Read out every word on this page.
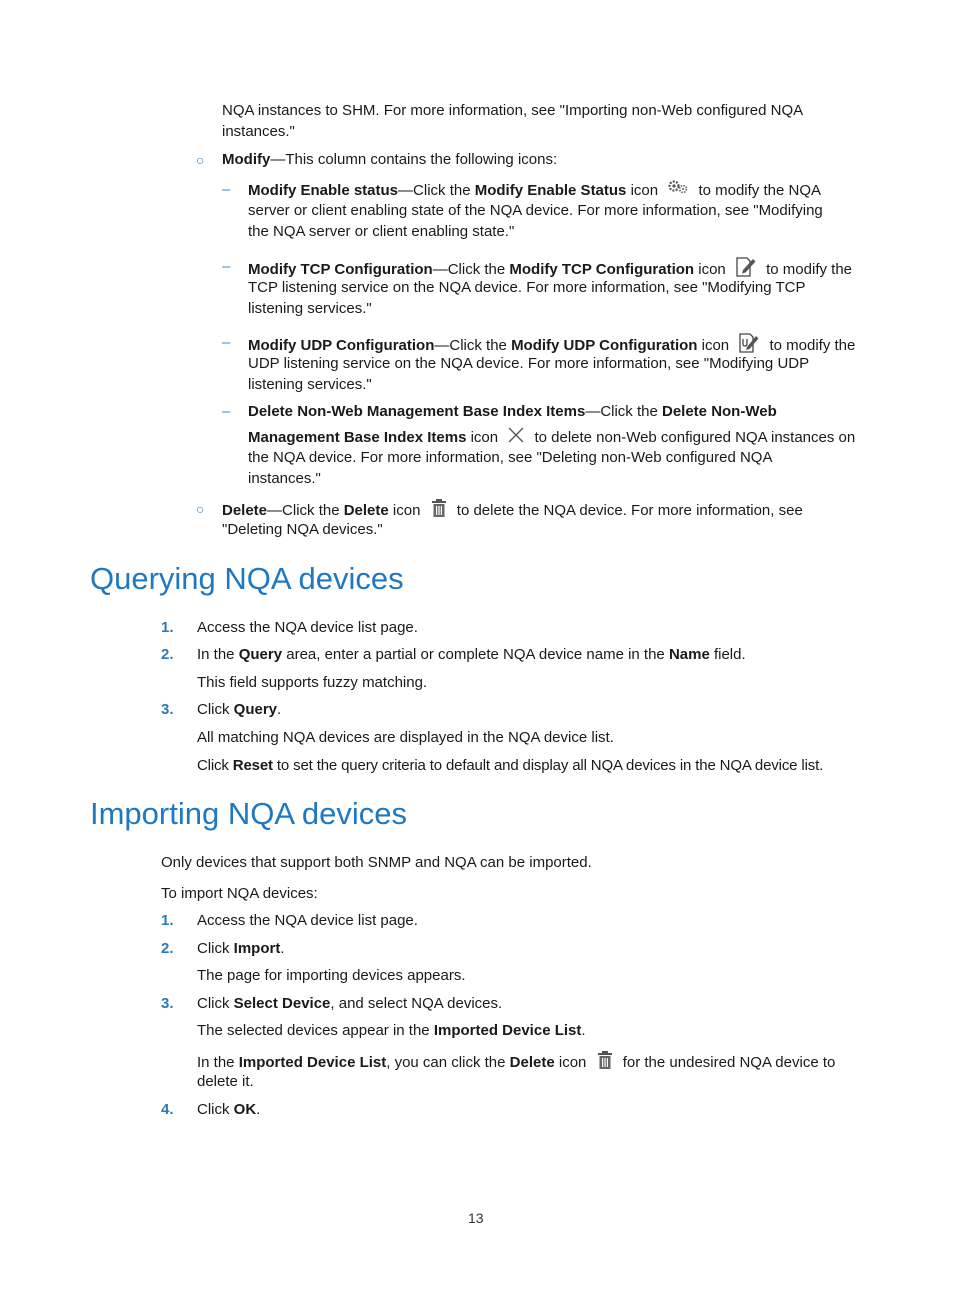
NQA instances to SHM. For more information, see "Importing non-Web configured NQA
instances."
○ Modify—This column contains the following icons:
– Modify Enable status—Click the Modify Enable Status icon	to modify the NQA
server or client enabling state of the NQA device. For more information, see "Modifying
the NQA server or client enabling state."
– Modify TCP Configuration—Click the Modify TCP Configuration icon	to modify the
TCP listening service on the NQA device. For more information, see "Modifying TCP
listening services."
– Modify UDP Configuration—Click the Modify UDP Configuration icon	to modify the
UDP listening service on the NQA device. For more information, see "Modifying UDP
listening services."
– Delete Non-Web Management Base Index Items—Click the Delete Non-Web
Management Base Index Items icon to delete non-Web configured NQA instances on
the NQA device. For more information, see "Deleting non-Web configured NQA
instances."
○ Delete—Click the Delete icon to delete the NQA device. For more information, see
"Deleting NQA devices."
Querying NQA devices
1. Access the NQA device list page.
2. In the Query area, enter a partial or complete NQA device name in the Name field.
This field supports fuzzy matching.
3. Click Query.
All matching NQA devices are displayed in the NQA device list.
Click Reset to set the query criteria to default and display all NQA devices in the NQA device list.
Importing NQA devices
Only devices that support both SNMP and NQA can be imported.
To import NQA devices:
1. Access the NQA device list page.
2. Click Import.
The page for importing devices appears.
3. Click Select Device, and select NQA devices.
The selected devices appear in the Imported Device List.
In the Imported Device List, you can click the Delete icon for the undesired NQA device to
delete it.
4. Click OK.
13
